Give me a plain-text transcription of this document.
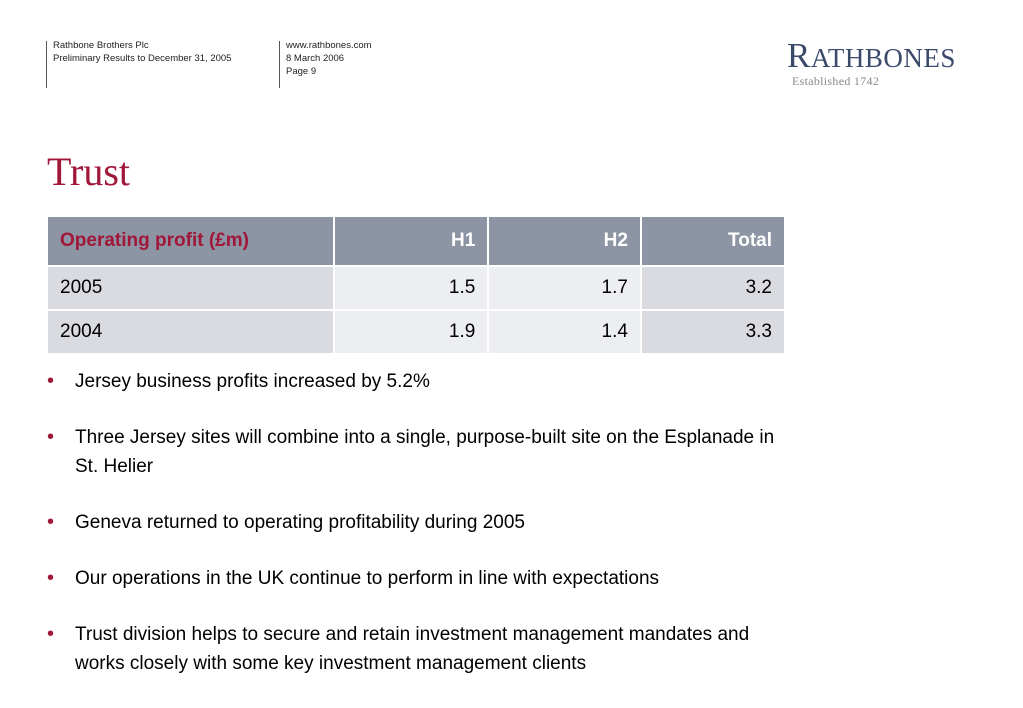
Rathbone Brothers Plc
Preliminary Results to December 31, 2005
www.rathbones.com
8 March 2006
Page 9	RATHBONES
Established 1742
Trust
Operating profit (£m)	H1	H2	Total
2005	1.5	1.7	3.2
2004	1.9	1.4	3.3
• Jersey business profits increased by 5.2%
• Three Jersey sites will combine into a single, purpose-built site on the Esplanade in St. Helier
• Geneva returned to operating profitability during 2005
• Our operations in the UK continue to perform in line with expectations
• Trust division helps to secure and retain investment management mandates and works closely with some key investment management clients
